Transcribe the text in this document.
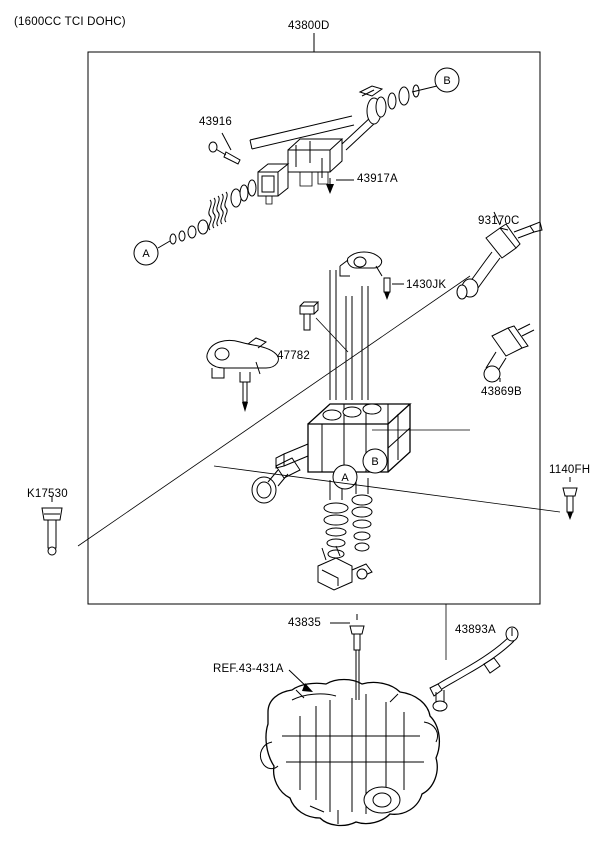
(1600CC TCI DOHC)	43800D
43916
43917A
93170C
1430JK
47782
43869B
1140FH
K17530
43835
43893A
REF.43-431A
B
A
A
B
